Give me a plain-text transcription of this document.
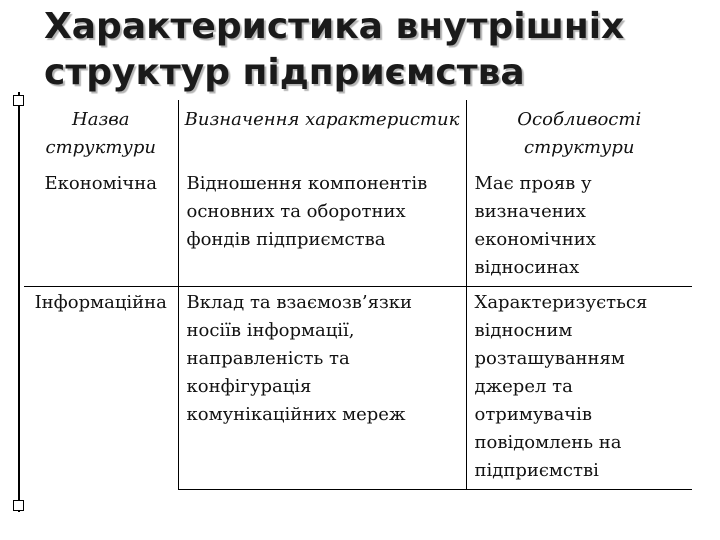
Характеристика внутрішніх
структур підприємства
Назва структури	Визначення характеристик	Особливості структури
Економічна	Відношення компонентів основних та оборотних фондів підприємства	Має прояв у визначених економічних відносинах
Інформаційна	Вклад та взаємозв’язки носіїв інформації, направленість та конфігурація комунікаційних мереж	Характеризується відносним розташуванням джерел та отримувачів повідомлень на підприємстві
